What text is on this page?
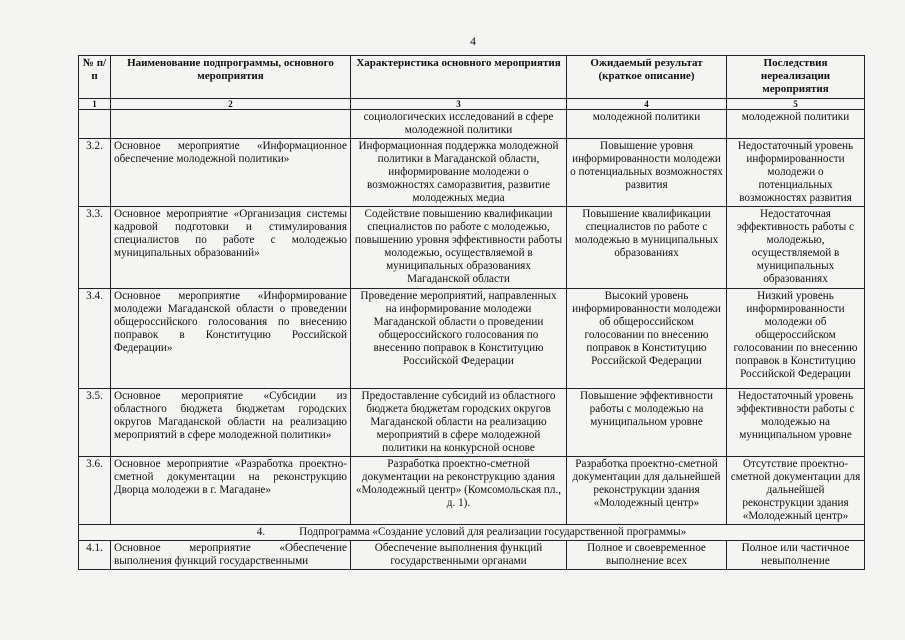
4
№ п/п	Наименование подпрограммы, основного мероприятия	Характеристика основного мероприятия	Ожидаемый результат (краткое описание)	Последствия нереализации мероприятия
1	2	3	4	5
		социологических исследований в сфере молодежной политики	молодежной политики	молодежной политики
3.2.	Основное мероприятие «Информационное обеспечение молодежной политики»	Информационная поддержка молодежной политики в Магаданской области, информирование молодежи о возможностях саморазвития, развитие молодежных медиа	Повышение уровня информированности молодежи о потенциальных возможностях развития	Недостаточный уровень информированности молодежи о потенциальных возможностях развития
3.3.	Основное мероприятие «Организация системы кадровой подготовки и стимулирования специалистов по работе с молодежью муниципальных образований»	Содействие повышению квалификации специалистов по работе с молодежью, повышению уровня эффективности работы молодежью, осуществляемой в муниципальных образованиях Магаданской области	Повышение квалификации специалистов по работе с молодежью в муниципальных образованиях	Недостаточная эффективность работы с молодежью, осуществляемой в муниципальных образованиях
3.4.	Основное мероприятие «Информирование молодежи Магаданской области о проведении общероссийского голосования по внесению поправок в Конституцию Российской Федерации»	Проведение мероприятий, направленных на информирование молодежи Магаданской области о проведении общероссийского голосования по внесению поправок в Конституцию Российской Федерации	Высокий уровень информированности молодежи об общероссийском голосовании по внесению поправок в Конституцию Российской Федерации	Низкий уровень информированности молодежи об общероссийском голосовании по внесению поправок в Конституцию Российской Федерации
3.5.	Основное мероприятие «Субсидии из областного бюджета бюджетам городских округов Магаданской области на реализацию мероприятий в сфере молодежной политики»	Предоставление субсидий из областного бюджета бюджетам городских округов Магаданской области на реализацию мероприятий в сфере молодежной политики на конкурсной основе	Повышение эффективности работы с молодежью на муниципальном уровне	Недостаточный уровень эффективности работы с молодежью на муниципальном уровне
3.6.	Основное мероприятие «Разработка проектно-сметной документации на реконструкцию Дворца молодежи в г. Магадане»	Разработка проектно-сметной документации на реконструкцию здания «Молодежный центр» (Комсомольская пл., д. 1).	Разработка проектно-сметной документации для дальнейшей реконструкции здания «Молодежный центр»	Отсутствие проектно-сметной документации для дальнейшей реконструкции здания «Молодежный центр»
4. Подпрограмма «Создание условий для реализации государственной программы»				
4.1.	Основное мероприятие «Обеспечение выполнения функций государственными	Обеспечение выполнения функций государственными органами	Полное и своевременное выполнение всех	Полное или частичное невыполнение
